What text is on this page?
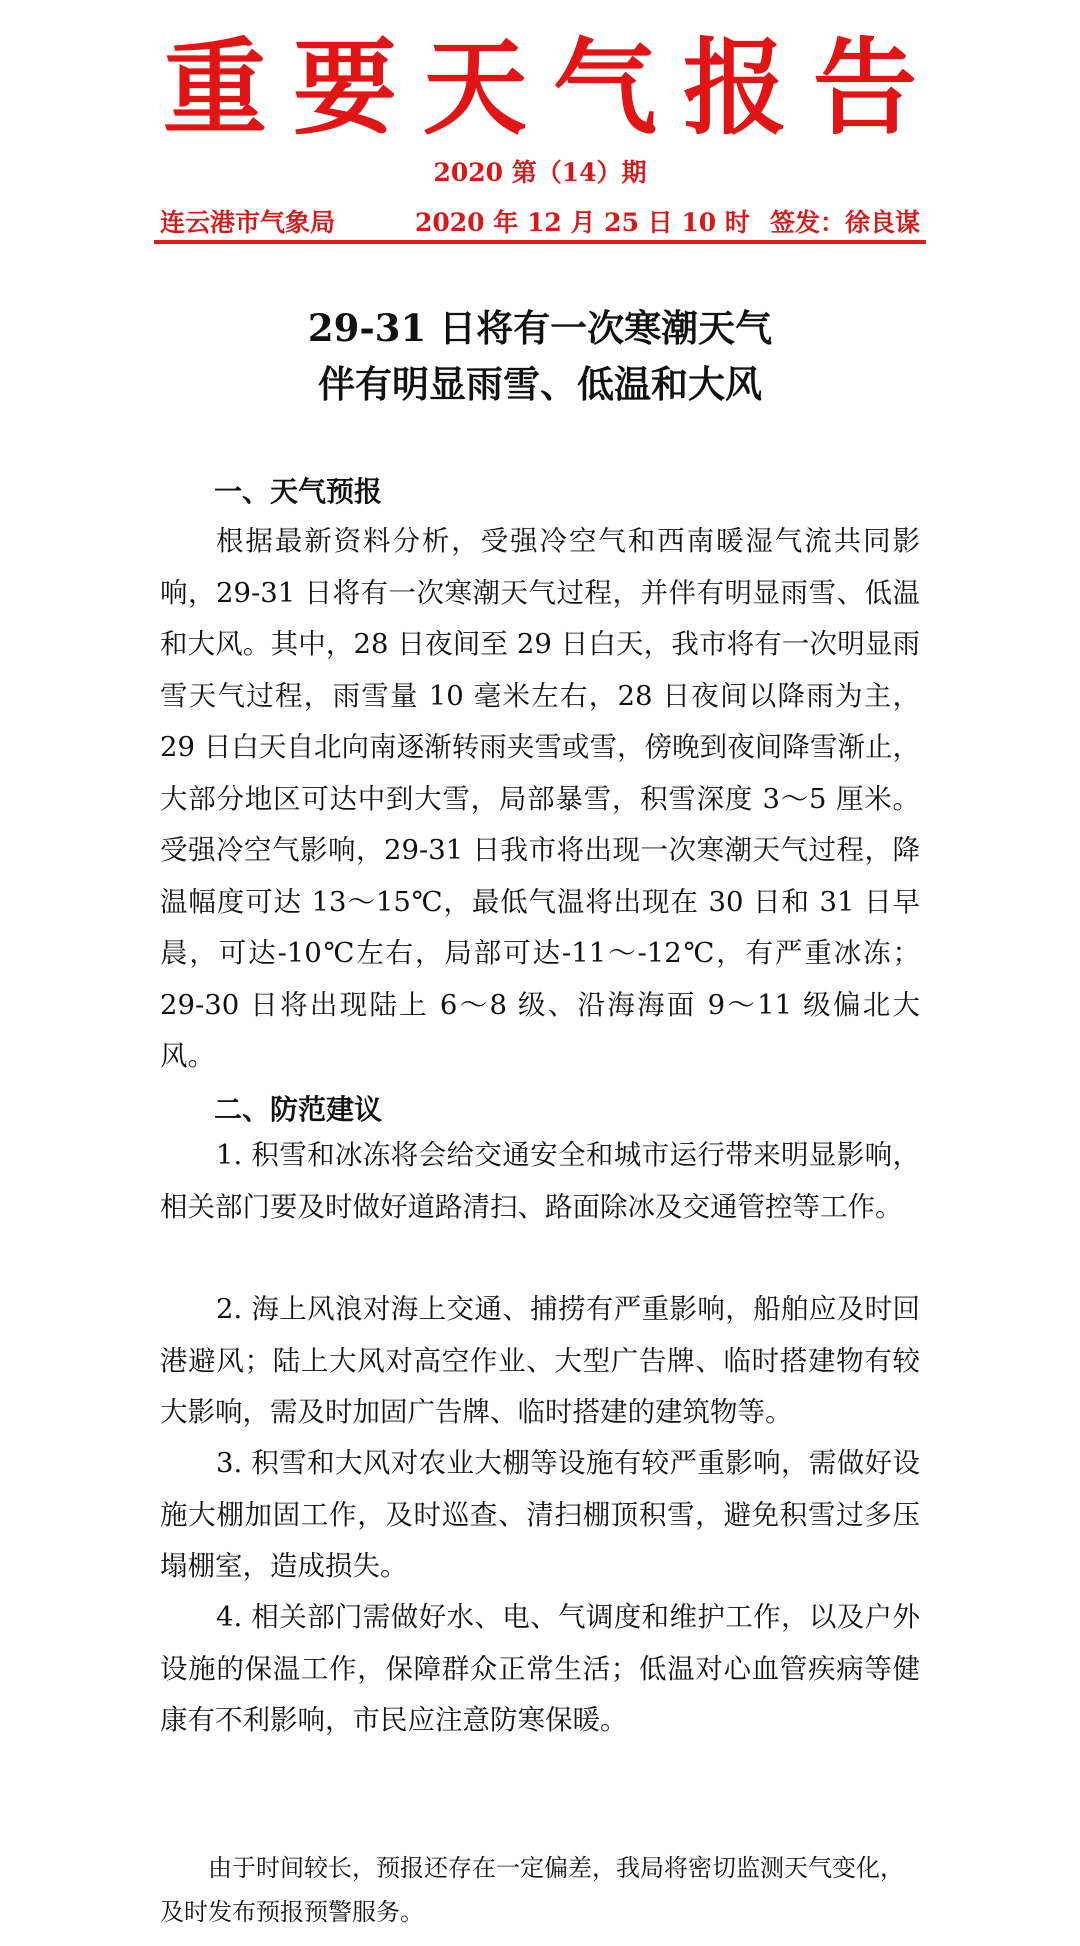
重要天气报告
2020 第（14）期
连云港市气象局	2020 年 12 月 25 日 10 时 签发：徐良谋
29-31 日将有一次寒潮天气
伴有明显雨雪、低温和大风
一、天气预报
根据最新资料分析，受强冷空气和西南暖湿气流共同影响，29-31 日将有一次寒潮天气过程，并伴有明显雨雪、低温和大风。其中，28 日夜间至 29 日白天，我市将有一次明显雨雪天气过程，雨雪量 10 毫米左右，28 日夜间以降雨为主，29 日白天自北向南逐渐转雨夹雪或雪，傍晚到夜间降雪渐止，大部分地区可达中到大雪，局部暴雪，积雪深度 3～5 厘米。受强冷空气影响，29-31 日我市将出现一次寒潮天气过程，降温幅度可达 13～15℃，最低气温将出现在 30 日和 31 日早晨，可达-10℃左右，局部可达-11～-12℃，有严重冰冻；29-30 日将出现陆上 6～8 级、沿海海面 9～11 级偏北大风。
二、防范建议
1. 积雪和冰冻将会给交通安全和城市运行带来明显影响，相关部门要及时做好道路清扫、路面除冰及交通管控等工作。
2. 海上风浪对海上交通、捕捞有严重影响，船舶应及时回港避风；陆上大风对高空作业、大型广告牌、临时搭建物有较大影响，需及时加固广告牌、临时搭建的建筑物等。
3. 积雪和大风对农业大棚等设施有较严重影响，需做好设施大棚加固工作，及时巡查、清扫棚顶积雪，避免积雪过多压塌棚室，造成损失。
4. 相关部门需做好水、电、气调度和维护工作，以及户外设施的保温工作，保障群众正常生活；低温对心血管疾病等健康有不利影响，市民应注意防寒保暖。
由于时间较长，预报还存在一定偏差，我局将密切监测天气变化，及时发布预报预警服务。
